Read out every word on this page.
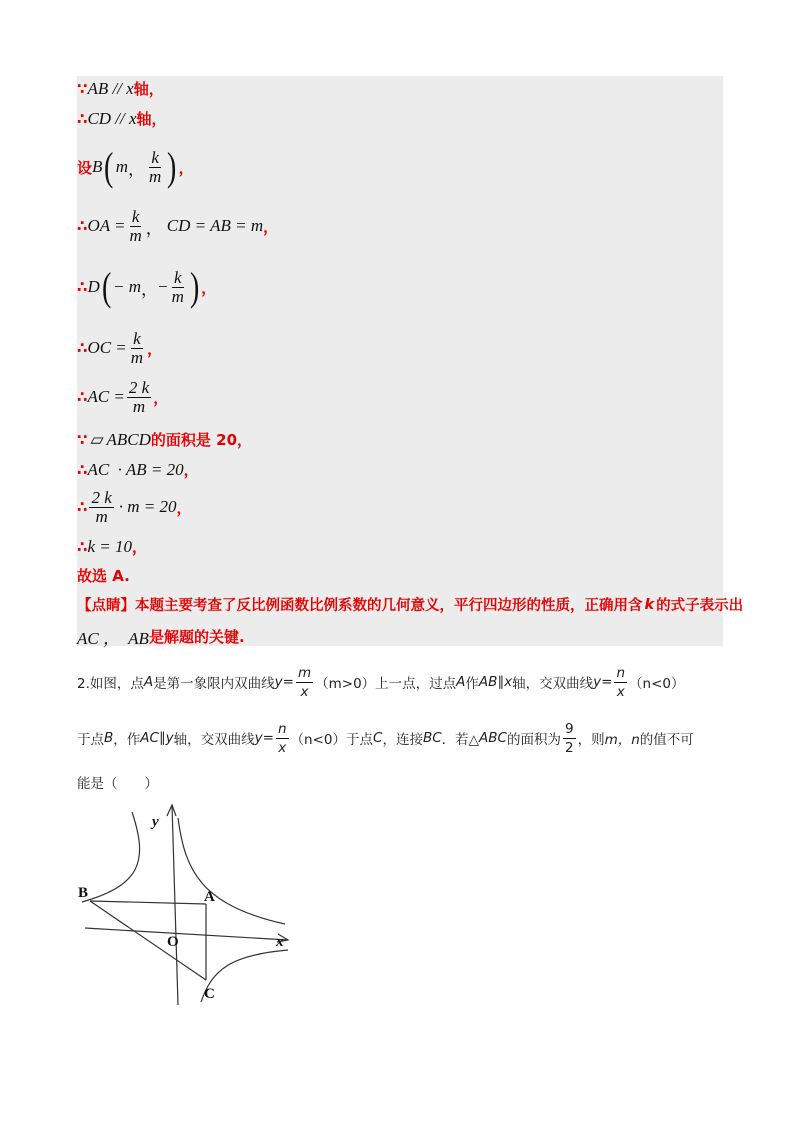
∵ AB // x 轴，
∴ CD // x 轴，
设 B ( m ， $\frac{k}{m}$ ) ，
∴ OA = $\frac{k}{m}$ ， CD = AB = m ，
∴ D ( − m ， − $\frac{k}{m}$ ) ，
∴ OC = $\frac{k}{m}$ ，
∴ AC = $\frac{2 k}{m}$ ，
∵ ▱ ABCD 的面积是 20，
∴ AC  · AB = 20 ，
∴ $\frac{2 k}{m} \cdot m = 20$ ，
∴ k = 10 ，
故选 A.
【点睛】 本题主要考查了反比例函数比例系数的几何意义，平行四边形的性质，正确用含 k 的式子表示出
AC ，  AB 是解题的关键.
2.如图，点 A 是第一象限内双曲线 $y = \frac{m}{x} (m>0)$上一点，过点 A 作 AB∥x 轴，交双曲线 $y = \frac{n}{x} (n<0)$
于点 B ，作 AC∥y 轴，交双曲线 $y = \frac{n}{x} (n<0)$于点 C ，连接 BC ．若△ ABC 的面积为 $\frac{9}{2}$ ，则 m，n 的值不可
能是（　　）
y
x
O
A
B
C
